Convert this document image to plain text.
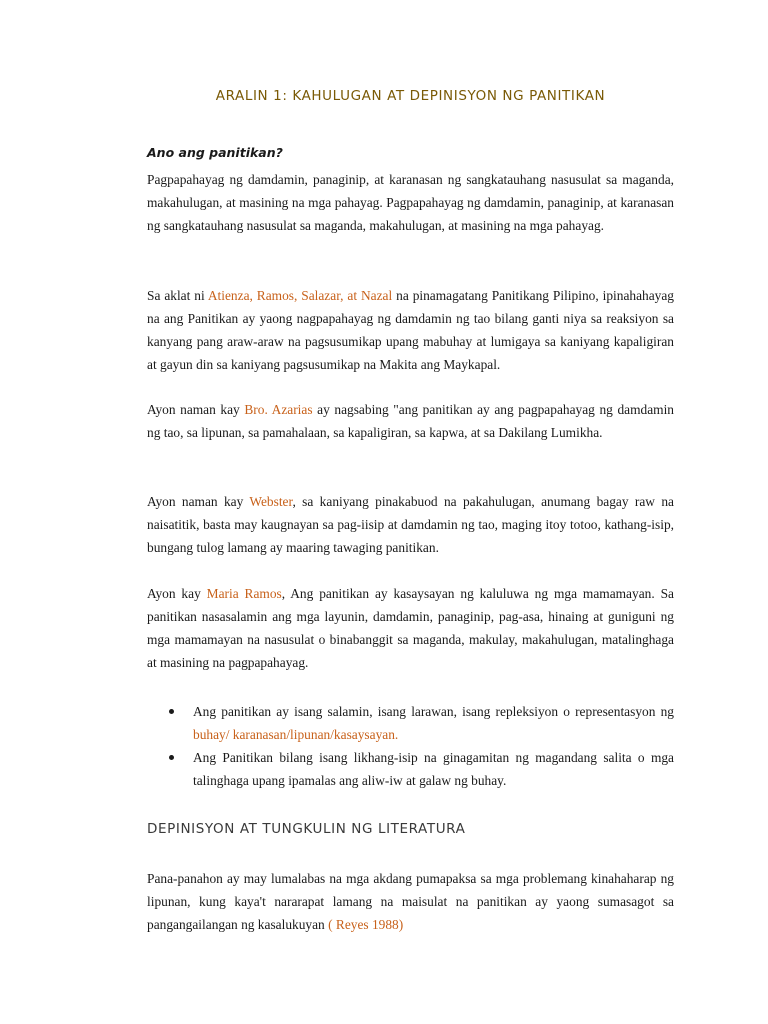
ARALIN 1: KAHULUGAN AT DEPINISYON NG PANITIKAN
Ano ang panitikan?

Pagpapahayag ng damdamin, panaginip, at karanasan ng sangkatauhang nasusulat sa maganda, makahulugan, at masining na mga pahayag. Pagpapahayag ng damdamin, panaginip, at karanasan ng sangkatauhang nasusulat sa maganda, makahulugan, at masining na mga pahayag.

Sa aklat ni Atienza, Ramos, Salazar, at Nazal na pinamagatang Panitikang Pilipino, ipinahahayag na ang Panitikan ay yaong nagpapahayag ng damdamin ng tao bilang ganti niya sa reaksiyon sa kanyang pang araw-araw na pagsusumikap upang mabuhay at lumigaya sa kaniyang kapaligiran at gayun din sa kaniyang pagsusumikap na Makita ang Maykapal.

Ayon naman kay Bro. Azarias ay nagsabing "ang panitikan ay ang pagpapahayag ng damdamin ng tao, sa lipunan, sa pamahalaan, sa kapaligiran, sa kapwa, at sa Dakilang Lumikha.

Ayon naman kay Webster, sa kaniyang pinakabuod na pakahulugan, anumang bagay raw na naisatitik, basta may kaugnayan sa pag-iisip at damdamin ng tao, maging itoy totoo, kathang-isip, bungang tulog lamang ay maaring tawaging panitikan.

Ayon kay Maria Ramos, Ang panitikan ay kasaysayan ng kaluluwa ng mga mamamayan. Sa panitikan nasasalamin ang mga layunin, damdamin, panaginip, pag-asa, hinaing at guniguni ng mga mamamayan na nasusulat o binabanggit sa maganda, makulay, makahulugan, matalinghaga at masining na pagpapahayag.

Ang panitikan ay isang salamin, isang larawan, isang repleksiyon o representasyon ng buhay/ karanasan/lipunan/kasaysayan.
Ang Panitikan bilang isang likhang-isip na ginagamitan ng magandang salita o mga talinghaga upang ipamalas ang aliw-iw at galaw ng buhay.
DEPINISYON AT TUNGKULIN NG LITERATURA

Pana-panahon ay may lumalabas na mga akdang pumapaksa sa mga problemang kinahaharap ng lipunan, kung kaya't nararapat lamang na maisulat na panitikan ay yaong sumasagot sa pangangailangan ng kasalukuyan ( Reyes 1988)
